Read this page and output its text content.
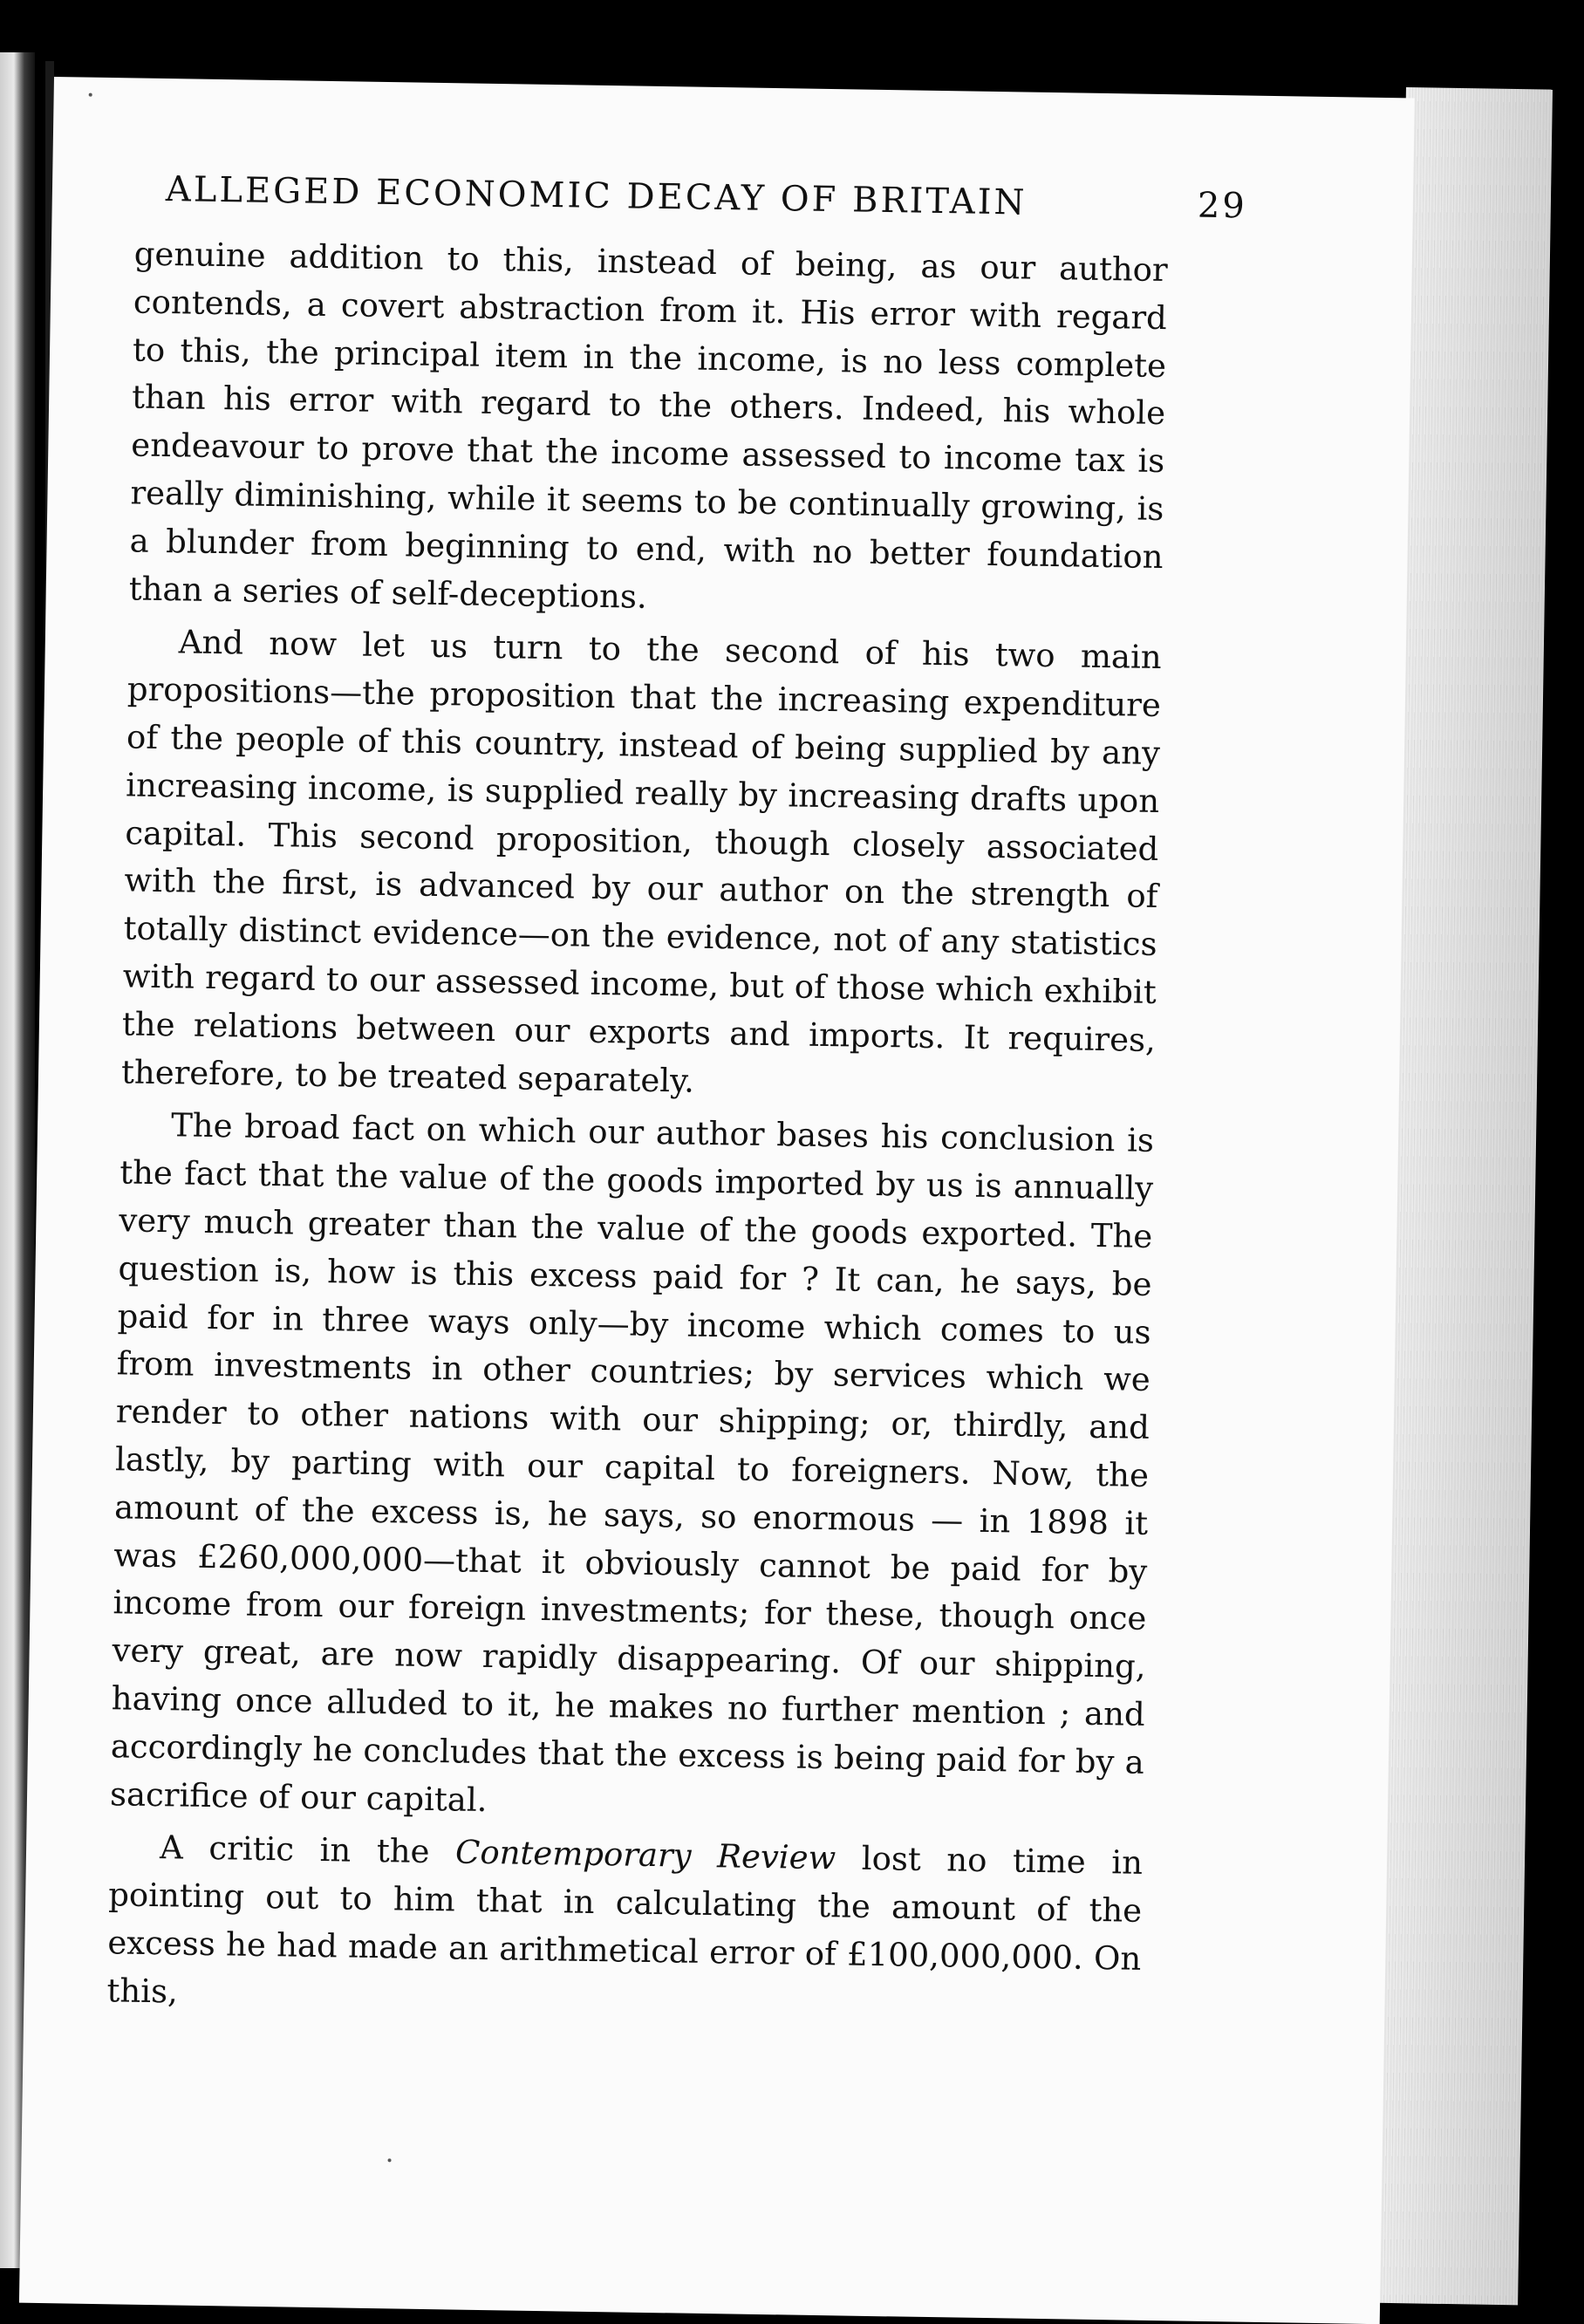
ALLEGED ECONOMIC DECAY OF BRITAIN	29

genuine addition to this, instead of being, as our author contends, a covert abstraction from it. His error with regard to this, the principal item in the income, is no less complete than his error with regard to the others. Indeed, his whole endeavour to prove that the income assessed to income tax is really diminishing, while it seems to be continually growing, is a blunder from beginning to end, with no better foundation than a series of self-deceptions.

And now let us turn to the second of his two main propositions—the proposition that the increasing expenditure of the people of this country, instead of being supplied by any increasing income, is supplied really by increasing drafts upon capital. This second proposition, though closely associated with the first, is advanced by our author on the strength of totally distinct evidence—on the evidence, not of any statistics with regard to our assessed income, but of those which exhibit the relations between our exports and imports. It requires, therefore, to be treated separately.

The broad fact on which our author bases his conclusion is the fact that the value of the goods imported by us is annually very much greater than the value of the goods exported. The question is, how is this excess paid for ? It can, he says, be paid for in three ways only—by income which comes to us from investments in other countries; by services which we render to other nations with our shipping; or, thirdly, and lastly, by parting with our capital to foreigners. Now, the amount of the excess is, he says, so enormous — in 1898 it was £260,000,000—that it obviously cannot be paid for by income from our foreign investments; for these, though once very great, are now rapidly disappearing. Of our shipping, having once alluded to it, he makes no further mention ; and accordingly he concludes that the excess is being paid for by a sacrifice of our capital.

A critic in the Contemporary Review lost no time in pointing out to him that in calculating the amount of the excess he had made an arithmetical error of £100,000,000. On this,
